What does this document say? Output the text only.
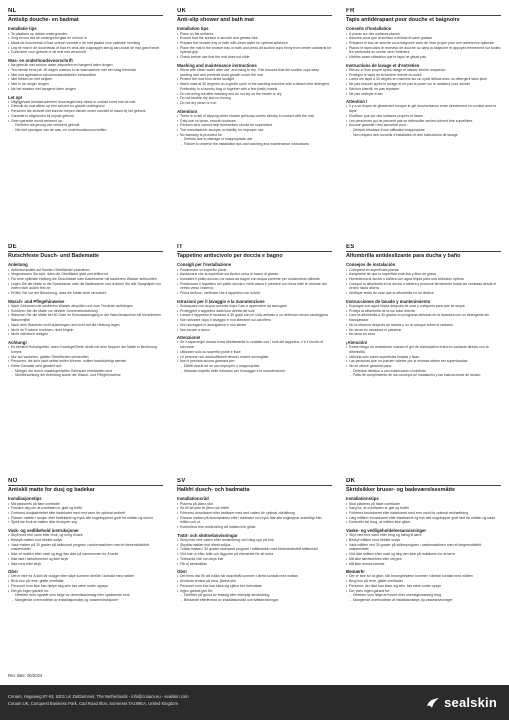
NL
Antislip douche- en badmat
Installatie tips
• Te plaatsen op vlakke ondergronden
• Zorg ervoor dat de ondergrond glad en schoon is
• Maak de douchebak of bad schoon voordat u de mat plaatst voor optimale hechting
• Leg de mat in de douchebak of bad en druk alle zuignapjes stevig aan zodat de mat goed hecht
• Controleer voor gebruik of de mat niet verschuift
Was- en onderhoudsvoorschrift
• Na gebruik met schoon water afspoelen en hangend laten drogen
• Ten minste eens per 30 dagen wassen in de wasmachine met een laag toerental
• Niet met agressieve schoonmaakmiddelen behandelen
• Niet bleken en niet strijken
• Niet in de droger drogen
• Na het wassen niet hangend laten drogen
Let op!
• Uitglijgevaar bestaat wanneer douchegel/zeep direct in contact komt met de mat
• Gebruik de mat alleen op een schone en gladde ondergrond
• Personen die zichzelf niet kunnen helpen dienen onder toezicht te staan bij het gebruik
• Garantie is uitgesloten bij onjuist gebruik
• Geen garantie wordt verleend op:
- Defecten als gevolg van verkeerd gebruik
- Het niet opvolgen van de was- en onderhoudsvoorschriften
UK
Anti-slip shower and bath mat
Installation tips
• Place on flat surfaces
• Ensure that the surface is smooth and grease-free
• Prepare the shower tray or bath with clean water for optimal adhesion
• Place the mat in the shower tray or bath and press all suction cups firmly from center outwards for optimal grip
• Check before use that the mat does not slide
Washing and maintenance instructions
• Rinse with clean water after use, and hang to dry. This ensures that the suction cups keep working well and prevents mold growth under the mat
• Protect the mat from direct sunlight
• Wash mats at 30 degrees on a gentle cycle in the washing machine with a bleach-free detergent. Preferably in a laundry bag or together with a few (bath) towels
• Do not wring out after washing and do not lay on the heater to dry
• Do not tumble dry and no ironing
• Do not dry clean or iron
Attention!
• There is a risk of slipping when shower gel/soap comes directly in contact with the mat
• Only use on clean, smooth surfaces
• Persons who cannot help themselves should be supervised
• The manufacturer accepts no liability for improper use
• No warranty is provided for:
- Defects due to damage or inappropriate use
- Failure to observe the installation tips and washing and maintenance instructions
FR
Tapis antidérapant pour douche et baignoire
Conseils d'installation
• À placer sur des surfaces planes
• Assurez-vous que la surface soit lisse et sans graisse
• Préparez le bac de douche ou la baignoire avec de l'eau propre pour une adhérence optimale
• Placez le tapis dans le receveur de douche ou dans la baignoire et appuyez fermement sur toutes les ventouses du centre vers l'extérieur
• Vérifiez avant utilisation que le tapis ne glisse pas
Instructions de lavage et d'entretien
• Rincez à l'eau propre après usage et laissez sécher suspendu
• Protégez le tapis de la lumière directe du soleil
• Lavez les tapis à 30 degrés en machine sur un cycle délicat avec un détergent sans javel
• Ne pas essorer après le lavage et ne pas le poser sur le radiateur pour sécher
• Séchoir interdit, ne pas repasser
• Ne pas nettoyer à sec
Attention !
• Il y a un risque de glissement lorsque le gel douche/savon entre directement en contact avec le tapis
• N'utilisez que sur des surfaces propres et lisses
• Les personnes qui ne peuvent pas se débrouiller seules doivent être surveillées
• Aucune garantie n'est accordée pour :
- Défauts résultant d'une utilisation inappropriée
- Non-respect des conseils d'installation et des instructions de lavage
DE
Rutschfeste Dusch- und Badematte
Anleitung
• Antirutschmatte auf flachen Oberflächen platzieren
• Vergewissern Sie sich, dass die Oberfläche glatt und fettfrei ist
• Für eine optimale Haftung die Duschtasse oder Badewanne mit sauberem Wasser anfeuchten
• Legen Sie die Matte in die Duschtasse oder die Badewanne und drücken Sie alle Saugnäpfe von innen nach außen fest an
• Prüfen Sie vor der Benutzung, dass die Matte nicht verrutscht
Wasch- und Pflegehinweise
• Nach Gebrauch mit sauberem Wasser abspülen und zum Trocknen aufhängen
• Schützen Sie die Matte vor direkter Sonneneinstrahlung
• Waschen Sie die Matte bei 30 Grad im Schonwaschgang in der Waschmaschine mit bleichfreiem Waschmittel
• Nach dem Waschen nicht auswringen und nicht auf die Heizung legen
• Nicht im Trockner trocknen, nicht bügeln
• Nicht chemisch reinigen
Achtung!
• Es besteht Rutschgefahr, wenn Duschgel/Seife direkt mit dem Noppen der Matte in Berührung kommt
• Nur auf sauberen, glatten Oberflächen verwenden
• Personen, die sich nicht selbst helfen können, sollten beaufsichtigt werden
• Keine Garantie wird gewährt auf:
- Mängel, die durch unsachgemäßen Gebrauch entstanden sind
- Nichtbeachtung der Anleitung sowie der Wasch- und Pflegehinweise
IT
Tappetino antiscivolo per doccia e bagno
Consigli per l'installazione
• Posizionare su superfici piane
• Assicurarsi che la superficie sia liscia e priva di tracce di grasso
• Inumidire il piatto doccia o la vasca da bagno con acqua corrente per un'adesione ottimale
• Posizionare il tappetino nel piatto doccia o nella vasca e premere con forza tutte le ventose dal centro verso l'esterno
• Prima dell'uso, verificare che il tappetino non scivoli
Istruzioni per il lavaggio e la manutenzione
• Sciacquare con acqua corrente dopo l'uso e appendere ad asciugare
• Proteggere il tappetino dalla luce diretta del sole
• Lavare il tappetino in lavatrice a 30 gradi con un ciclo delicato e un detersivo senza candeggina
• Non strizzare dopo il lavaggio e non stendere sul calorifero
• Non asciugare in asciugatrice e non stirare
• Non lavare a secco
Attenzione!
• Se il sapone/gel doccia entra direttamente in contatto con i nodi del tappetino, c'è il rischio di scivolare
• Utilizzare solo su superfici pulite e lisce
• Le persone non autosufficienti devono essere sorvegliate
• Non è prevista alcuna garanzia per:
- Difetti dovuti ad un uso improprio o inappropriato
- Mancato rispetto delle istruzioni per il lavaggio e la manutenzione
ES
Alfombrilla antideslizante para ducha y baño
Consejos de instalación
• Colóquela en superficies planas
• Asegúrese de que la superficie esté lisa y libre de grasa
• Humedezca la ducha o bañera con agua limpia para una adhesión óptima
• Coloque la alfombrilla en la ducha o bañera y presione firmemente todas las ventosas desde el centro hacia afuera
• Verifique antes de usar que la alfombrilla no se deslice
Instrucciones de lavado y mantenimiento
• Enjuague con agua limpia después de usar y cuélguela para que se seque
• Proteja la alfombrilla de la luz solar directa
• Lave la alfombrilla a 30 grados en programa delicado en la lavadora con un detergente sin blanqueador
• No la retuerza después de lavarla y no la coloque sobre el radiador
• No secar en secadora ni planchar
• No lavar en seco
¡Atención!
• Existe riesgo de resbalones cuando el gel de ducha/jabón entra en contacto directo con la alfombrilla
• Utilícela solo sobre superficies limpias y lisas
• Las personas que no pueden valerse por sí mismas deben ser supervisadas
• No se ofrece garantía para:
- Defectos debidos a uso inadecuado o indebido
- Falta de cumplimiento de los consejos de instalación y las instrucciones de lavado
NO
Antiskli matte for dusj og badekar
Installasjonstips
• Må plasseres på flate overflater
• Forsikre deg om at overflaten er glatt og fettfri
• Forbered dusjkabinettet eller badekaret med rent vann for optimal vedheft
• Plasser matten i dusjen eller badekaret og trykk alle sugekoppene godt fra midten og utover
• Sjekk før bruk at matten ikke forskyver seg
Vask- og vedlikehold instruksjoner
• Skyll med rent vann etter bruk, og heng til tørk
• Beskytt matten mot direkte sollys
• Vask matten på 30 grader på skånsomt program i vaskemaskinen med et blekemiddelfritt vaskemiddel
• Ikke vri matten etter vask og legg den ikke på varmeovnen for å tørke
• Ikke tørk i tørketrommel og ikke stryk
• Ikke rens eller stryk
Obs!
• Det er fare for å skli når dusjgel eller såpe kommer direkte i kontakt med matten
• Bruk kun på rene, glatte overflater
• Personer som ikke kan hjelpe seg selv bør være under oppsyn
• Det gis ingen garanti for:
- Defekter som oppstår som følge av uhensiktsmessig eller upassende bruk
- Manglende overholdelse av installasjonstips og vaskeinstruksjoner
SV
Halkfri dusch- och badmatta
Installationsråd
• Placera på plana ytor
• Se till att ytan är jämn och fettfri
• Förbered duschkaret eller badkaret med rent vatten för optimal vidhäftning
• Placera mattan på duschplatsen eller i badkaret och tryck fast alla sugkoppar ordentligt från mitten och ut
• Kontrollera före användning att mattan inte glider
Tvätt- och skötselanvisningar
• Skölj med rent vatten efter användning och häng upp på tork
• Skydda mattan mot direkt solljus
• Tvätta mattan i 30 grader skonsamt program i tvättmaskin med blekmedelsfritt tvättmedel
• Vrid inte ur efter tvätt och lägg inte på elementet för att torka
• Torktumla inte och stryk inte
• Får ej kemtvättas
Obs!
• Det finns risk för att halka när duschtvål kommer i direkt kontakt med mattan
• Används endast på rena, jämna ytor
• Personer som inte kan klara sig själva bör övervakas
• Ingen garanti ges för:
- Defekter på grund av felaktig eller olämplig användning
- Bristande efterlevnad av installationsråd och tvättanvisningar
DK
Skridsikker bruser- og badeværelsesmåtte
Installationstips
• Skal placeres på flade overflader
• Sørg for, at overfladen er glat og fedtfri
• Forbered brusekarret eller badekarret med rent vand for optimal vedhæftning
• Læg måtten i brusekarret eller badekarret og tryk alle sugekopper godt fast fra midten og udad
• Kontrollér før brug, at måtten ikke glider
Vaske- og vedligeholdelsesanvisninger
• Skyl med rent vand efter brug og hæng til tørre
• Beskyt måtten mod direkte sollys
• Vask måtten ved 30 grader på skåneprogram i vaskemaskinen med et blegemiddelfrit vaskemiddel
• Vrid ikke måtten efter vask og læg den ikke på radiatoren for at tørre
• Må ikke tørretumbles eller stryges
• Må ikke renses kemisk
Bemærk!
• Der er fare for at glide, når brusegel/sæbe kommer i direkte kontakt med måtten
• Brug kun på rene, glatte overflader
• Personer, der ikke kan klare sig selv, bør være under opsyn
• Der ydes ingen garanti for:
- Defekter som følge af forkert eller uhensigtsmæssig brug
- Manglende overholdelse af installationstips og vaskeanvisninger
Rev date: 06/2024
Conam, Hogeweg 87-93, 5301 LK Zaltbommel, The Netherlands - info@conam.eu - sealskin.com
Conam UK, Conquest Business Park, Cad Road Ilton, Somerset TA199EA, United Kingdom	sealskin
